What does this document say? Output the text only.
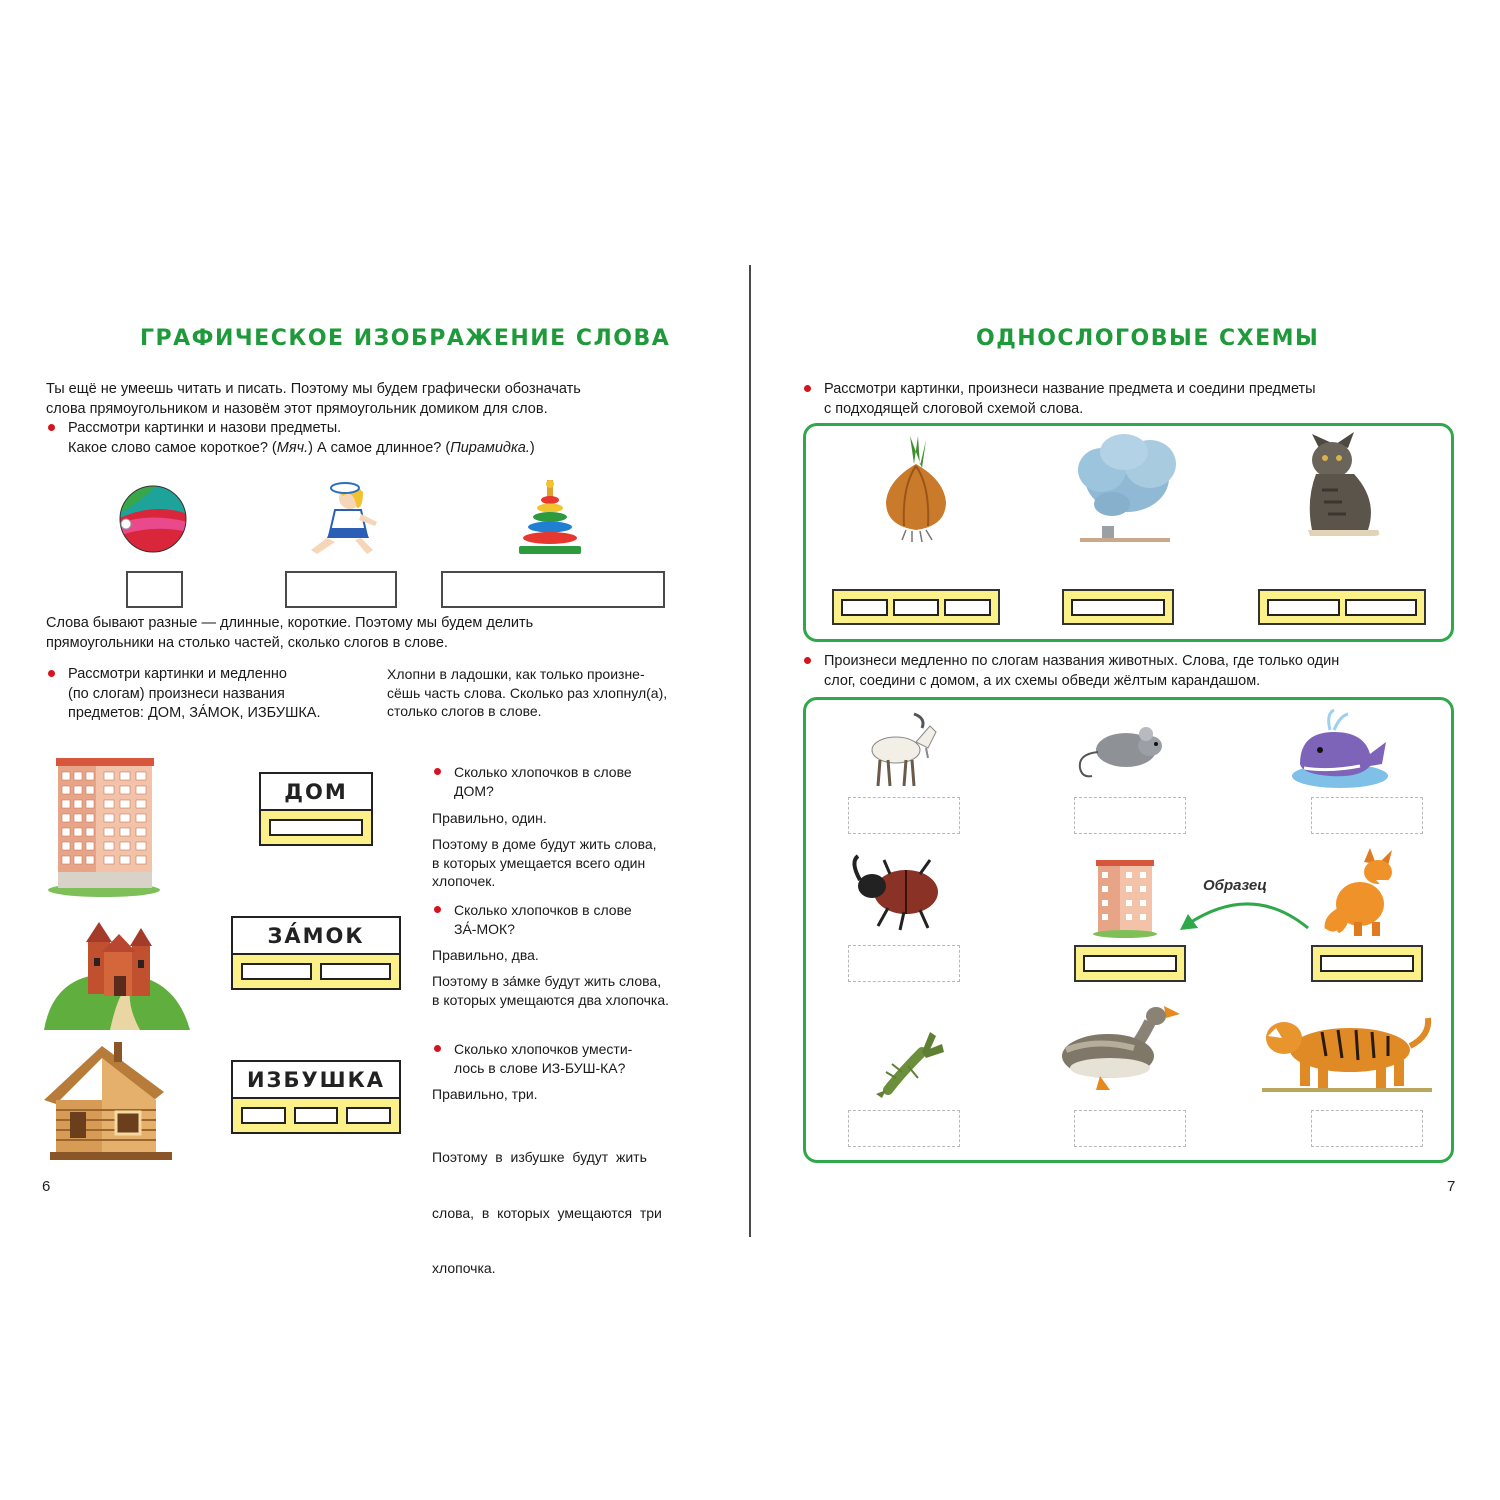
ГРАФИЧЕСКОЕ ИЗОБРАЖЕНИЕ СЛОВА
Ты ещё не умеешь читать и писать. Поэтому мы будем графически обозначать
слова прямоугольником и назовём этот прямоугольник домиком для слов.
Рассмотри картинки и назови предметы.
Какое слово самое короткое? (Мяч.) А самое длинное? (Пирамидка.)
Слова бывают разные — длинные, короткие. Поэтому мы будем делить
прямоугольники на столько частей, сколько слогов в слове.
Рассмотри картинки и медленно
(по слогам) произнеси названия
предметов: ДОМ, ЗА́МОК, ИЗБУШКА.
Хлопни в ладошки, как только произне-
сёшь часть слова. Сколько раз хлопнул(а),
столько слогов в слове.
ДОМ
ЗА́МОК
ИЗБУШКА
Сколько хлопочков в слове
ДОМ?
Правильно, один.
Поэтому в доме будут жить слова,
в которых умещается всего один
хлопочек.
Сколько хлопочков в слове
ЗА́-МОК?
Правильно, два.
Поэтому в за́мке будут жить слова,
в которых умещаются два хлопочка.
Сколько хлопочков умести-
лось в слове ИЗ-БУШ-КА?
Правильно, три.

Поэтому  в  избушке  будут  жить

слова,  в  которых  умещаются  три

хлопочка.

6
ОДНОСЛОГОВЫЕ СХЕМЫ
Рассмотри картинки, произнеси название предмета и соедини предметы
с подходящей слоговой схемой слова.
Произнеси медленно по слогам названия животных. Слова, где только один
слог, соедини с домом, а их схемы обведи жёлтым карандашом.
Образец
7
